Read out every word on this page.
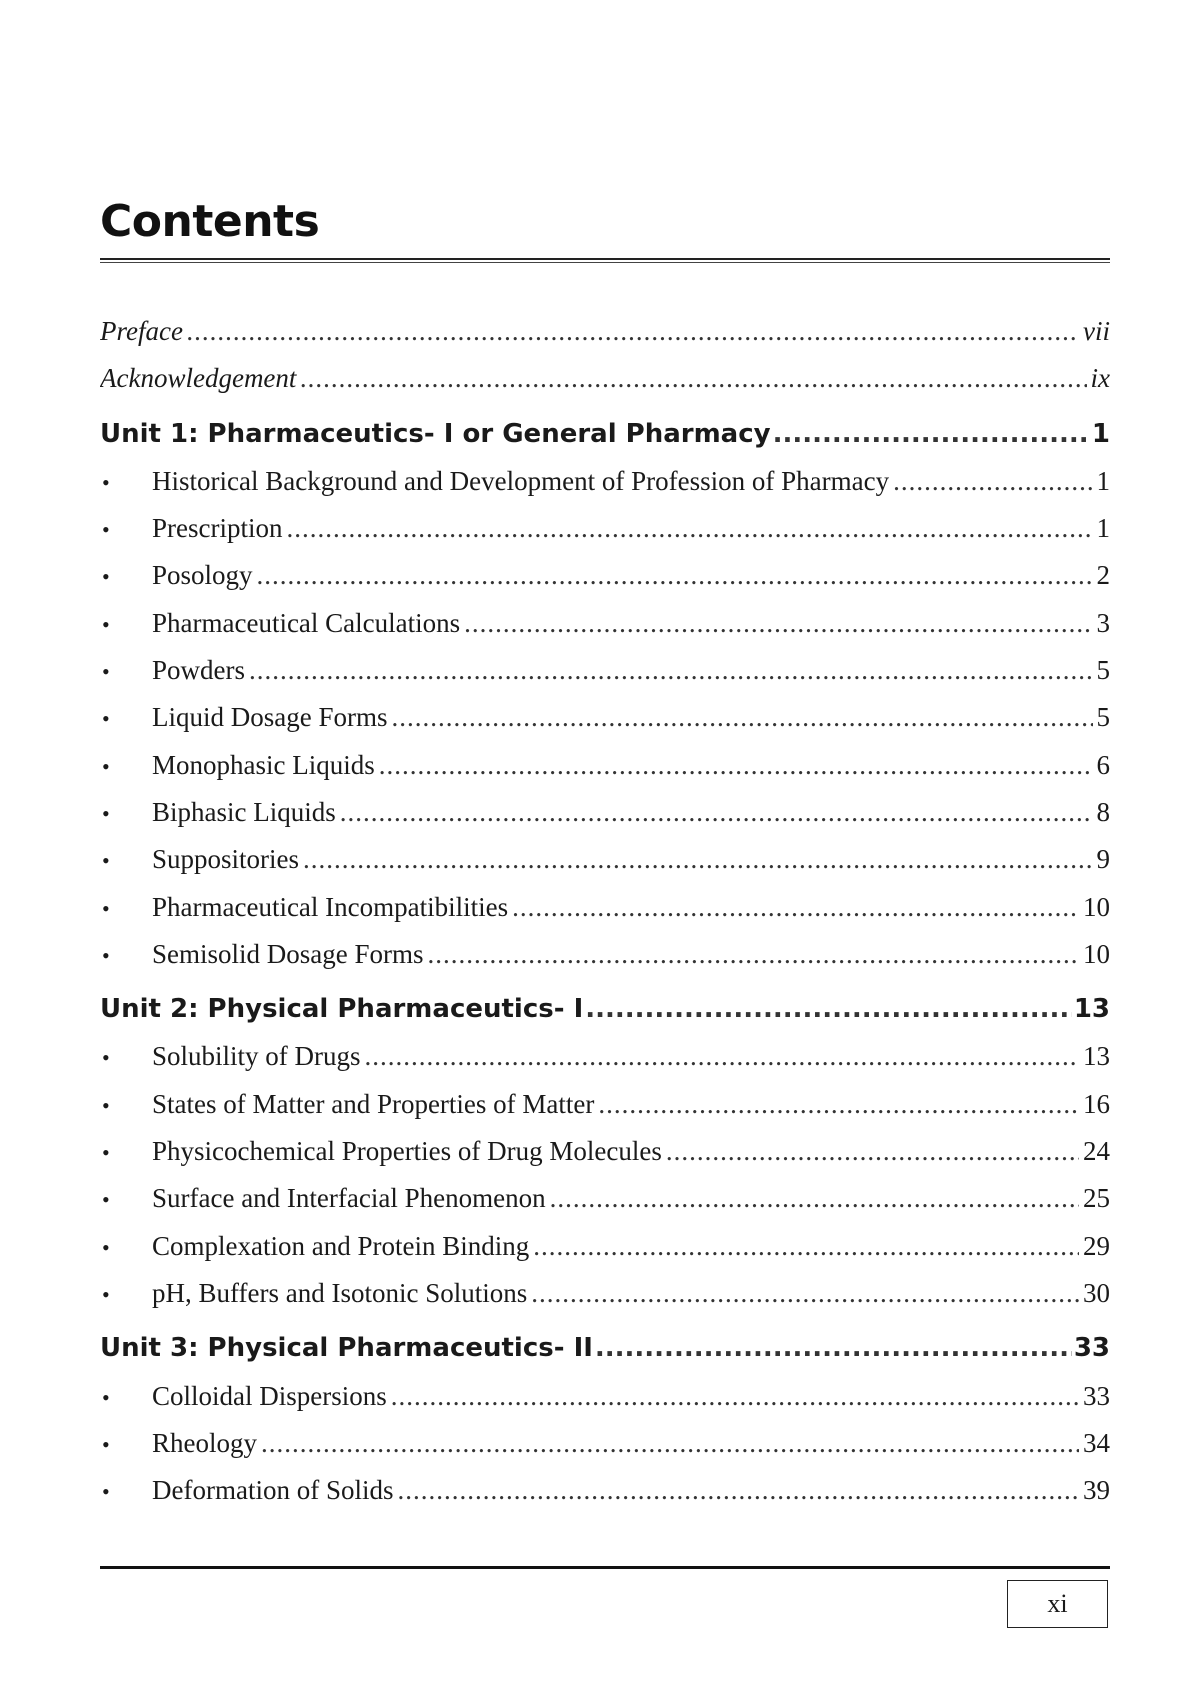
Contents
Preface .....	vii
Acknowledgement .....	ix
Unit 1: Pharmaceutics- I or General Pharmacy .....	1
•	Historical Background and Development of Profession of Pharmacy .....	1
•	Prescription .....	1
•	Posology .....	2
•	Pharmaceutical Calculations .....	3
•	Powders .....	5
•	Liquid Dosage Forms .....	5
•	Monophasic Liquids .....	6
•	Biphasic Liquids .....	8
•	Suppositories .....	9
•	Pharmaceutical Incompatibilities .....	10
•	Semisolid Dosage Forms .....	10
Unit 2: Physical Pharmaceutics- I .....	13
•	Solubility of Drugs .....	13
•	States of Matter and Properties of Matter .....	16
•	Physicochemical Properties of Drug Molecules .....	24
•	Surface and Interfacial Phenomenon .....	25
•	Complexation and Protein Binding .....	29
•	pH, Buffers and Isotonic Solutions .....	30
Unit 3: Physical Pharmaceutics- II .....	33
•	Colloidal Dispersions .....	33
•	Rheology .....	34
•	Deformation of Solids .....	39
xi
